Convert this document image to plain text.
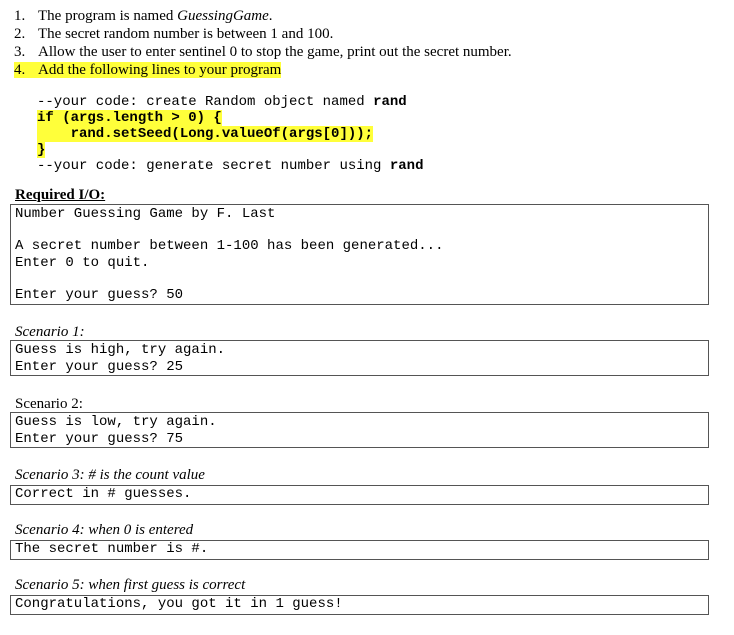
1. The program is named GuessingGame.
2. The secret random number is between 1 and 100.
3. Allow the user to enter sentinel 0 to stop the game, print out the secret number.
4. Add the following lines to your program
--your code: create Random object named rand
if (args.length > 0) {
rand.setSeed(Long.valueOf(args[0]));
}
--your code: generate secret number using rand
Required I/O:
Number Guessing Game by F. Last
A secret number between 1-100 has been generated...
Enter 0 to quit.
Enter your guess? 50
Scenario 1:
Guess is high, try again.
Enter your guess? 25
Scenario 2:
Guess is low, try again.
Enter your guess? 75
Scenario 3: # is the count value
Correct in # guesses.
Scenario 4: when 0 is entered
The secret number is #.
Scenario 5: when first guess is correct
Congratulations, you got it in 1 guess!
